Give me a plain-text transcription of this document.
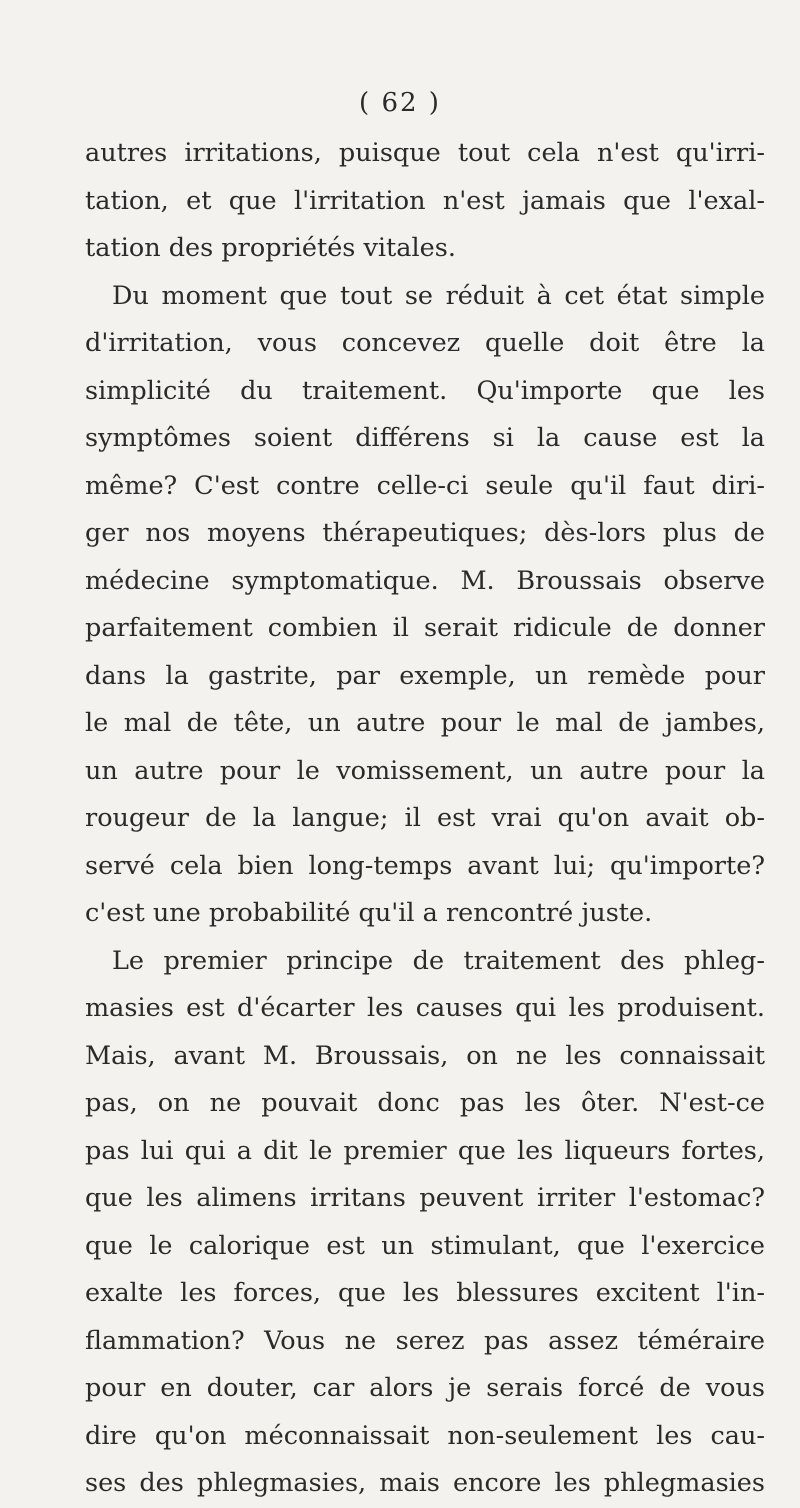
( 62 )
autres irritations, puisque tout cela n'est qu'irri-
tation, et que l'irritation n'est jamais que l'exal-
tation des propriétés vitales.
Du moment que tout se réduit à cet état simple
d'irritation, vous concevez quelle doit être la
simplicité du traitement. Qu'importe que les
symptômes soient différens si la cause est la
même? C'est contre celle-ci seule qu'il faut diri-
ger nos moyens thérapeutiques; dès-lors plus de
médecine symptomatique. M. Broussais observe
parfaitement combien il serait ridicule de donner
dans la gastrite, par exemple, un remède pour
le mal de tête, un autre pour le mal de jambes,
un autre pour le vomissement, un autre pour la
rougeur de la langue; il est vrai qu'on avait ob-
servé cela bien long-temps avant lui; qu'importe?
c'est une probabilité qu'il a rencontré juste.
Le premier principe de traitement des phleg-
masies est d'écarter les causes qui les produisent.
Mais, avant M. Broussais, on ne les connaissait
pas, on ne pouvait donc pas les ôter. N'est-ce
pas lui qui a dit le premier que les liqueurs fortes,
que les alimens irritans peuvent irriter l'estomac?
que le calorique est un stimulant, que l'exercice
exalte les forces, que les blessures excitent l'in-
flammation? Vous ne serez pas assez téméraire
pour en douter, car alors je serais forcé de vous
dire qu'on méconnaissait non-seulement les cau-
ses des phlegmasies, mais encore les phlegmasies
